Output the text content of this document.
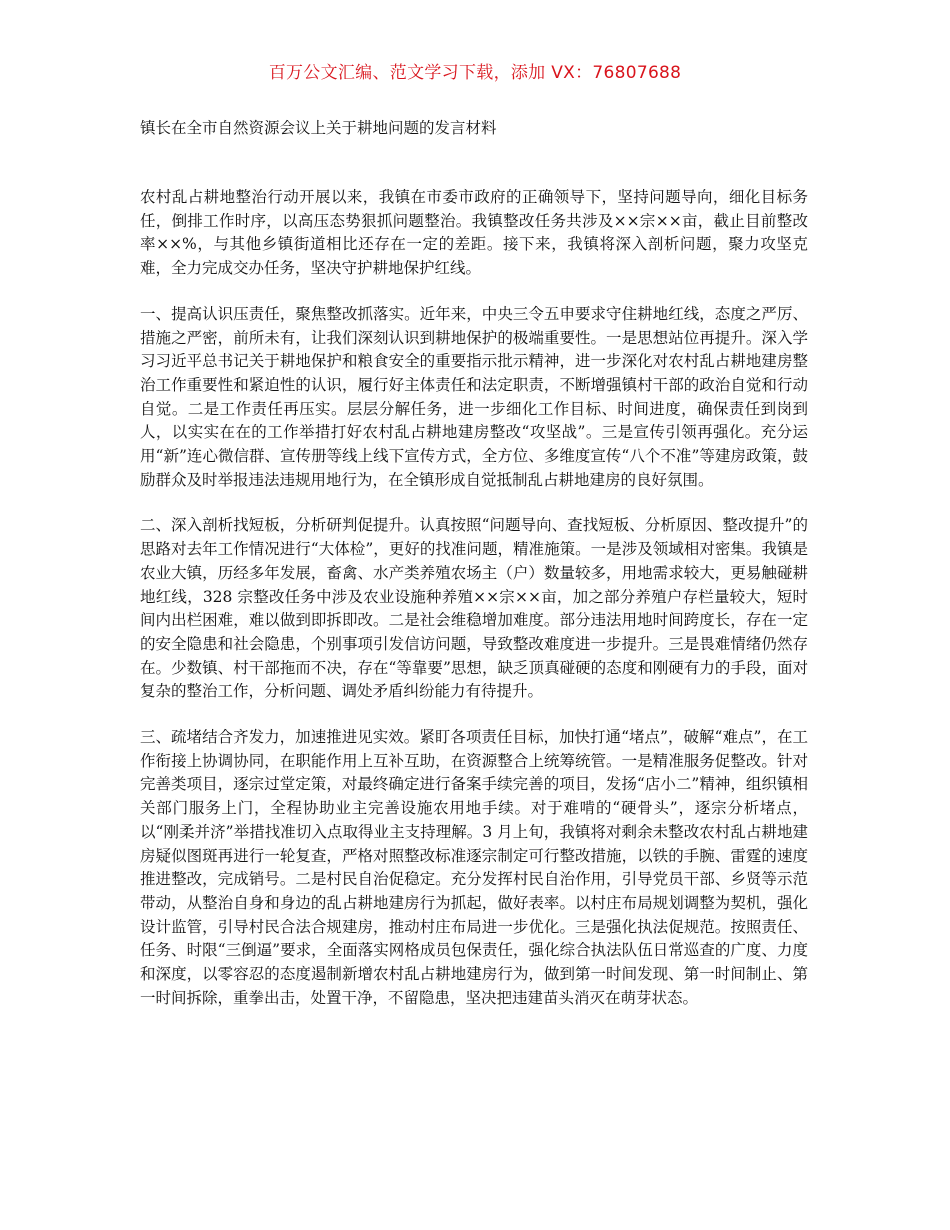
百万公文汇编、范文学习下载，添加 VX：76807688
镇长在全市自然资源会议上关于耕地问题的发言材料

农村乱占耕地整治行动开展以来，我镇在市委市政府的正确领导下，坚持问题导向，细化目标务任，倒排工作时序，以高压态势狠抓问题整治。我镇整改任务共涉及××宗××亩，截止目前整改率××%，与其他乡镇街道相比还存在一定的差距。接下来，我镇将深入剖析问题，聚力攻坚克难，全力完成交办任务，坚决守护耕地保护红线。

一、提高认识压责任，聚焦整改抓落实。近年来，中央三令五申要求守住耕地红线，态度之严厉、措施之严密，前所未有，让我们深刻认识到耕地保护的极端重要性。一是思想站位再提升。深入学习习近平总书记关于耕地保护和粮食安全的重要指示批示精神，进一步深化对农村乱占耕地建房整治工作重要性和紧迫性的认识，履行好主体责任和法定职责，不断增强镇村干部的政治自觉和行动自觉。二是工作责任再压实。层层分解任务，进一步细化工作目标、时间进度，确保责任到岗到人，以实实在在的工作举措打好农村乱占耕地建房整改“攻坚战”。三是宣传引领再强化。充分运用“新”连心微信群、宣传册等线上线下宣传方式，全方位、多维度宣传“八个不准”等建房政策，鼓励群众及时举报违法违规用地行为，在全镇形成自觉抵制乱占耕地建房的良好氛围。

二、深入剖析找短板，分析研判促提升。认真按照“问题导向、查找短板、分析原因、整改提升”的思路对去年工作情况进行“大体检”，更好的找准问题，精准施策。一是涉及领域相对密集。我镇是农业大镇，历经多年发展，畜禽、水产类养殖农场主（户）数量较多，用地需求较大，更易触碰耕地红线，328 宗整改任务中涉及农业设施种养殖××宗××亩，加之部分养殖户存栏量较大，短时间内出栏困难，难以做到即拆即改。二是社会维稳增加难度。部分违法用地时间跨度长，存在一定的安全隐患和社会隐患，个别事项引发信访问题，导致整改难度进一步提升。三是畏难情绪仍然存在。少数镇、村干部拖而不决，存在“等靠要”思想，缺乏顶真碰硬的态度和刚硬有力的手段，面对复杂的整治工作，分析问题、调处矛盾纠纷能力有待提升。

三、疏堵结合齐发力，加速推进见实效。紧盯各项责任目标，加快打通“堵点”，破解“难点”，在工作衔接上协调协同，在职能作用上互补互助，在资源整合上统筹统管。一是精准服务促整改。针对完善类项目，逐宗过堂定策，对最终确定进行备案手续完善的项目，发扬“店小二”精神，组织镇相关部门服务上门，全程协助业主完善设施农用地手续。对于难啃的“硬骨头”，逐宗分析堵点，以“刚柔并济”举措找准切入点取得业主支持理解。3 月上旬，我镇将对剩余未整改农村乱占耕地建房疑似图斑再进行一轮复查，严格对照整改标准逐宗制定可行整改措施，以铁的手腕、雷霆的速度推进整改，完成销号。二是村民自治促稳定。充分发挥村民自治作用，引导党员干部、乡贤等示范带动，从整治自身和身边的乱占耕地建房行为抓起，做好表率。以村庄布局规划调整为契机，强化设计监管，引导村民合法合规建房，推动村庄布局进一步优化。三是强化执法促规范。按照责任、任务、时限“三倒逼”要求，全面落实网格成员包保责任，强化综合执法队伍日常巡查的广度、力度和深度，以零容忍的态度遏制新增农村乱占耕地建房行为，做到第一时间发现、第一时间制止、第一时间拆除，重拳出击，处置干净，不留隐患，坚决把违建苗头消灭在萌芽状态。
